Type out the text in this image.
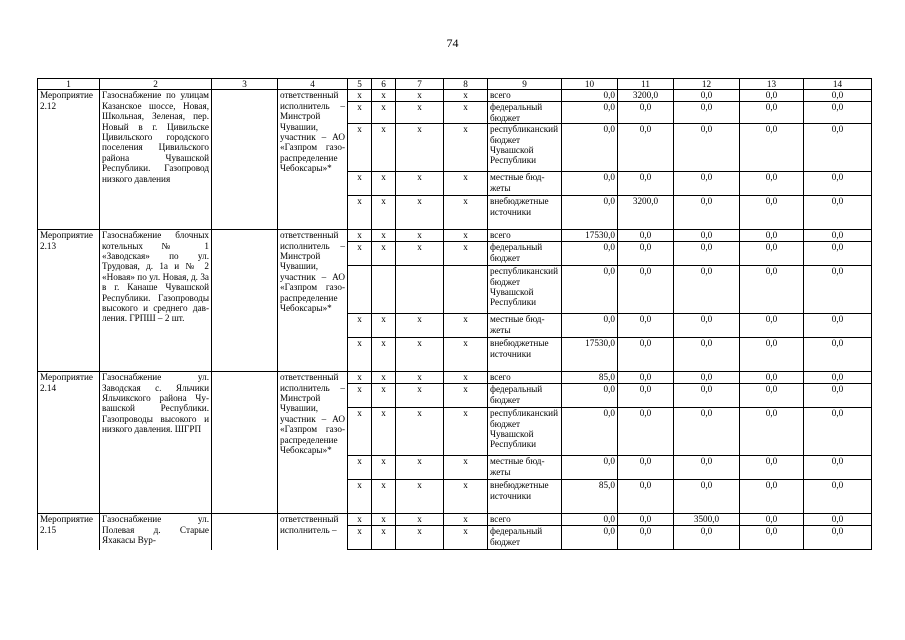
74
1	2	3	4	5	6	7	8	9	10	11	12	13	14
Мероприятие 2.12	Газоснабжение по улицам Казанское шоссе, Новая, Школьная, Зеленая, пер. Новый в г. Цивильске Цивильского городского поселения Цивильского района Чувашской Республики. Газопровод низкого давления		ответственный исполнитель – Минстрой Чувашии, участник – АО «Газпром газораспределение Чебоксары»*	x	x	x	x	всего	0,0	3200,0	0,0	0,0	0,0
				x	x	x	x	федеральный бюджет	0,0	0,0	0,0	0,0	0,0
				x	x	x	x	республиканский бюджет Чувашской Республики	0,0	0,0	0,0	0,0	0,0
				x	x	x	x	местные бюджеты	0,0	0,0	0,0	0,0	0,0
				x	x	x	x	внебюджетные источники	0,0	3200,0	0,0	0,0	0,0
Мероприятие 2.13	Газоснабжение блочных котельных № 1 «Заводская» по ул. Трудовая, д. 1а и № 2 «Новая» по ул. Новая, д. 3а в г. Канаше Чувашской Республики. Газопроводы высокого и среднего давления. ГРПШ – 2 шт.		ответственный исполнитель – Минстрой Чувашии, участник – АО «Газпром газораспределение Чебоксары»*	x	x	x	x	всего	17530,0	0,0	0,0	0,0	0,0
				x	x	x	x	федеральный бюджет	0,0	0,0	0,0	0,0	0,0
								республиканский бюджет Чувашской Республики	0,0	0,0	0,0	0,0	0,0
				x	x	x	x	местные бюджеты	0,0	0,0	0,0	0,0	0,0
				x	x	x	x	внебюджетные источники	17530,0	0,0	0,0	0,0	0,0
Мероприятие 2.14	Газоснабжение ул. Заводская с. Яльчики Яльчикского района Чувашской Республики. Газопроводы высокого и низкого давления. ШГРП		ответственный исполнитель – Минстрой Чувашии, участник – АО «Газпром газораспределение Чебоксары»*	x	x	x	x	всего	85,0	0,0	0,0	0,0	0,0
				x	x	x	x	федеральный бюджет	0,0	0,0	0,0	0,0	0,0
				x	x	x	x	республиканский бюджет Чувашской Республики	0,0	0,0	0,0	0,0	0,0
				x	x	x	x	местные бюджеты	0,0	0,0	0,0	0,0	0,0
				x	x	x	x	внебюджетные источники	85,0	0,0	0,0	0,0	0,0
Мероприятие 2.15	Газоснабжение ул. Полевая д. Старые Яхакасы Вур-		ответственный исполнитель –	x	x	x	x	всего	0,0	0,0	3500,0	0,0	0,0
				x	x	x	x	федеральный бюджет	0,0	0,0	0,0	0,0	0,0
